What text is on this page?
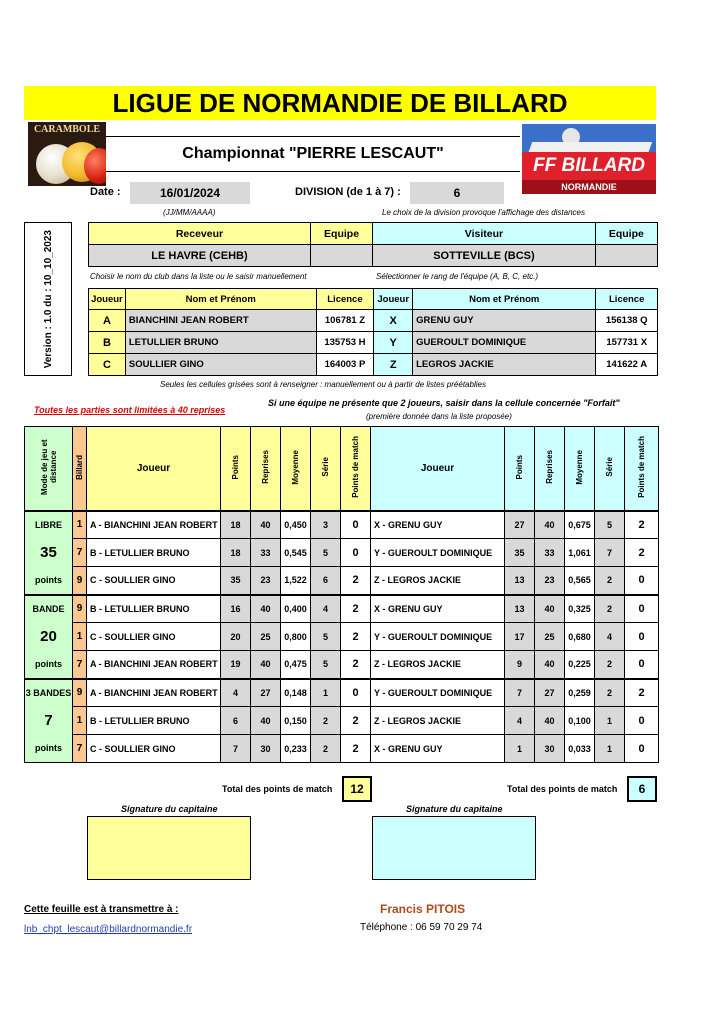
LIGUE DE NORMANDIE DE BILLARD
CARAMBOLE
Championnat "PIERRE LESCAUT"
FF BILLARD
NORMANDIE
Date :	16/01/2024
(JJ/MM/AAAA)
DIVISION (de 1 à 7) :	6
Le choix de la division provoque l'affichage des distances
Version : 1.0 du : 10_10_2023	Receveur	Equipe	Visiteur	Equipe
LE HAVRE (CEHB)		SOTTEVILLE (BCS)	
Choisir le nom du club dans la liste ou le saisir manuellement	Sélectionner le rang de l'équipe (A, B, C, etc.)
Joueur	Nom et Prénom	Licence	Joueur	Nom et Prénom	Licence
A	BIANCHINI JEAN ROBERT	106781 Z	X	GRENU GUY	156138 Q
B	LETULLIER BRUNO	135753 H	Y	GUEROULT DOMINIQUE	157731 X
C	SOULLIER GINO	164003 P	Z	LEGROS JACKIE	141622 A
Seules les cellules grisées sont à renseigner : manuellement ou à partir de listes préétablies
Toutes les parties sont limitées à 40 reprises
Si une équipe ne présente que 2 joueurs, saisir dans la cellule concernée "Forfait"
(première donnée dans la liste proposée)
Mode de jeu et distance	Billard	Joueur	Points	Reprises	Moyenne	Série	Points de match	Joueur	Points	Reprises	Moyenne	Série	Points de match
LIBRE	1	A - BIANCHINI JEAN ROBERT	18	40	0,450	3	0	X - GRENU GUY	27	40	0,675	5	2
35	7	B - LETULLIER BRUNO	18	33	0,545	5	0	Y - GUEROULT DOMINIQUE	35	33	1,061	7	2
points	9	C - SOULLIER GINO	35	23	1,522	6	2	Z - LEGROS JACKIE	13	23	0,565	2	0
BANDE	9	B - LETULLIER BRUNO	16	40	0,400	4	2	X - GRENU GUY	13	40	0,325	2	0
20	1	C - SOULLIER GINO	20	25	0,800	5	2	Y - GUEROULT DOMINIQUE	17	25	0,680	4	0
points	7	A - BIANCHINI JEAN ROBERT	19	40	0,475	5	2	Z - LEGROS JACKIE	9	40	0,225	2	0
3 BANDES	9	A - BIANCHINI JEAN ROBERT	4	27	0,148	1	0	Y - GUEROULT DOMINIQUE	7	27	0,259	2	2
7	1	B - LETULLIER BRUNO	6	40	0,150	2	2	Z - LEGROS JACKIE	4	40	0,100	1	0
points	7	C - SOULLIER GINO	7	30	0,233	2	2	X - GRENU GUY	1	30	0,033	1	0
Total des points de match	12	Total des points de match	6
Signature du capitaine	Signature du capitaine
Cette feuille est à transmettre à :
lnb_chpt_lescaut@billardnormandie.fr
Francis PITOIS
Téléphone : 06 59 70 29 74
